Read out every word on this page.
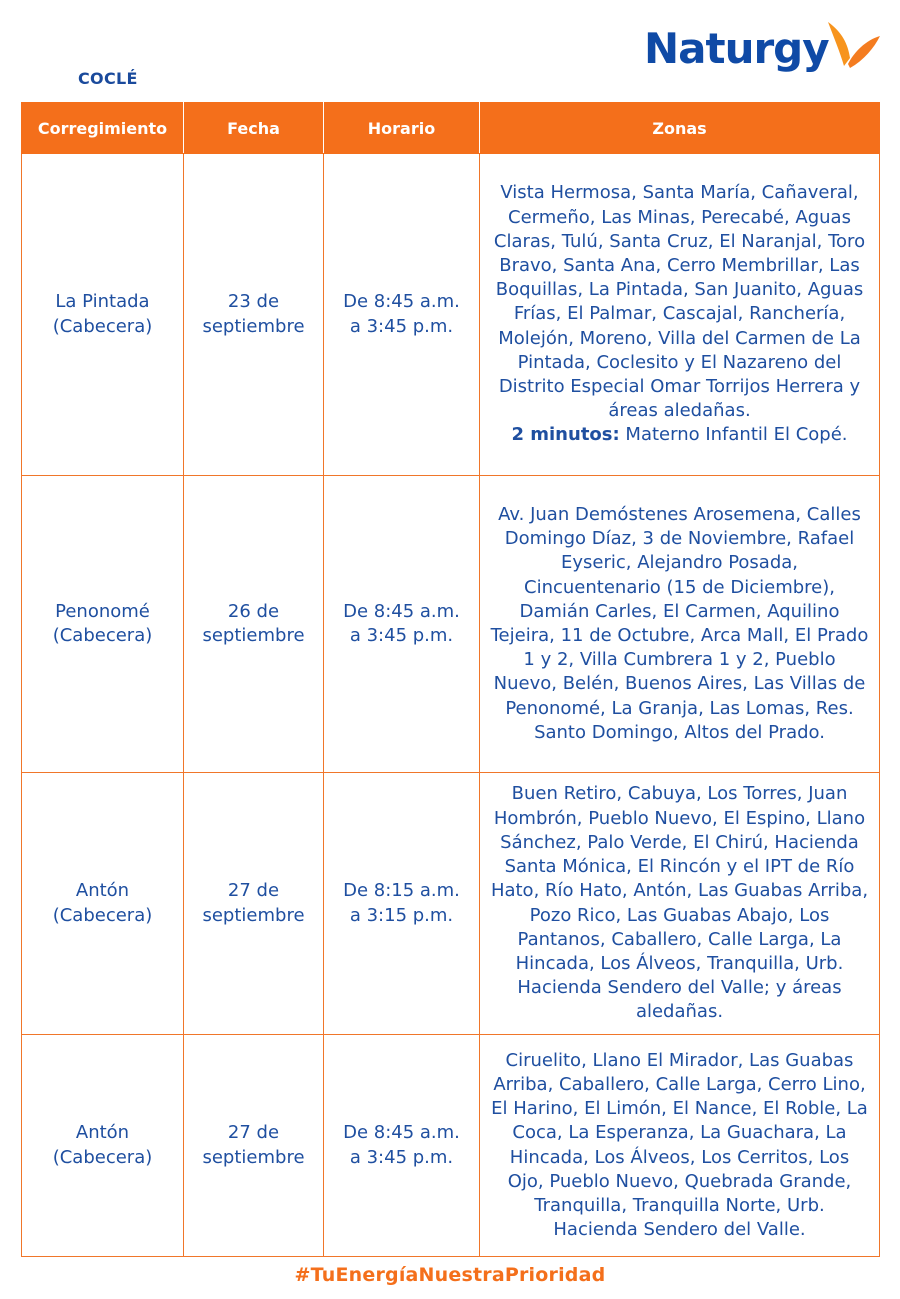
COCLÉ
Naturgy
Corregimiento	Fecha	Horario	Zonas

La Pintada (Cabecera)	23 de septiembre	De 8:45 a.m. a 3:45 p.m.	Vista Hermosa, Santa María, Cañaveral, Cermeño, Las Minas, Perecabé, Aguas Claras, Tulú, Santa Cruz, El Naranjal, Toro Bravo, Santa Ana, Cerro Membrillar, Las Boquillas, La Pintada, San Juanito, Aguas Frías, El Palmar, Cascajal, Ranchería, Molejón, Moreno, Villa del Carmen de La Pintada, Coclesito y El Nazareno del Distrito Especial Omar Torrijos Herrera y áreas aledañas.
2 minutos: Materno Infantil El Copé.

Penonomé (Cabecera)	26 de septiembre	De 8:45 a.m. a 3:45 p.m.	Av. Juan Demóstenes Arosemena, Calles Domingo Díaz, 3 de Noviembre, Rafael Eyseric, Alejandro Posada, Cincuentenario (15 de Diciembre), Damián Carles, El Carmen, Aquilino Tejeira, 11 de Octubre, Arca Mall, El Prado 1 y 2, Villa Cumbrera 1 y 2, Pueblo Nuevo, Belén, Buenos Aires, Las Villas de Penonomé, La Granja, Las Lomas, Res. Santo Domingo, Altos del Prado.

Antón (Cabecera)	27 de septiembre	De 8:15 a.m. a 3:15 p.m.	Buen Retiro, Cabuya, Los Torres, Juan Hombrón, Pueblo Nuevo, El Espino, Llano Sánchez, Palo Verde, El Chirú, Hacienda Santa Mónica, El Rincón y el IPT de Río Hato, Río Hato, Antón, Las Guabas Arriba, Pozo Rico, Las Guabas Abajo, Los Pantanos, Caballero, Calle Larga, La Hincada, Los Álveos, Tranquilla, Urb. Hacienda Sendero del Valle; y áreas aledañas.

Antón (Cabecera)	27 de septiembre	De 8:45 a.m. a 3:45 p.m.	Ciruelito, Llano El Mirador, Las Guabas Arriba, Caballero, Calle Larga, Cerro Lino, El Harino, El Limón, El Nance, El Roble, La Coca, La Esperanza, La Guachara, La Hincada, Los Álveos, Los Cerritos, Los Ojo, Pueblo Nuevo, Quebrada Grande, Tranquilla, Tranquilla Norte, Urb. Hacienda Sendero del Valle.
#TuEnergíaNuestraPrioridad
